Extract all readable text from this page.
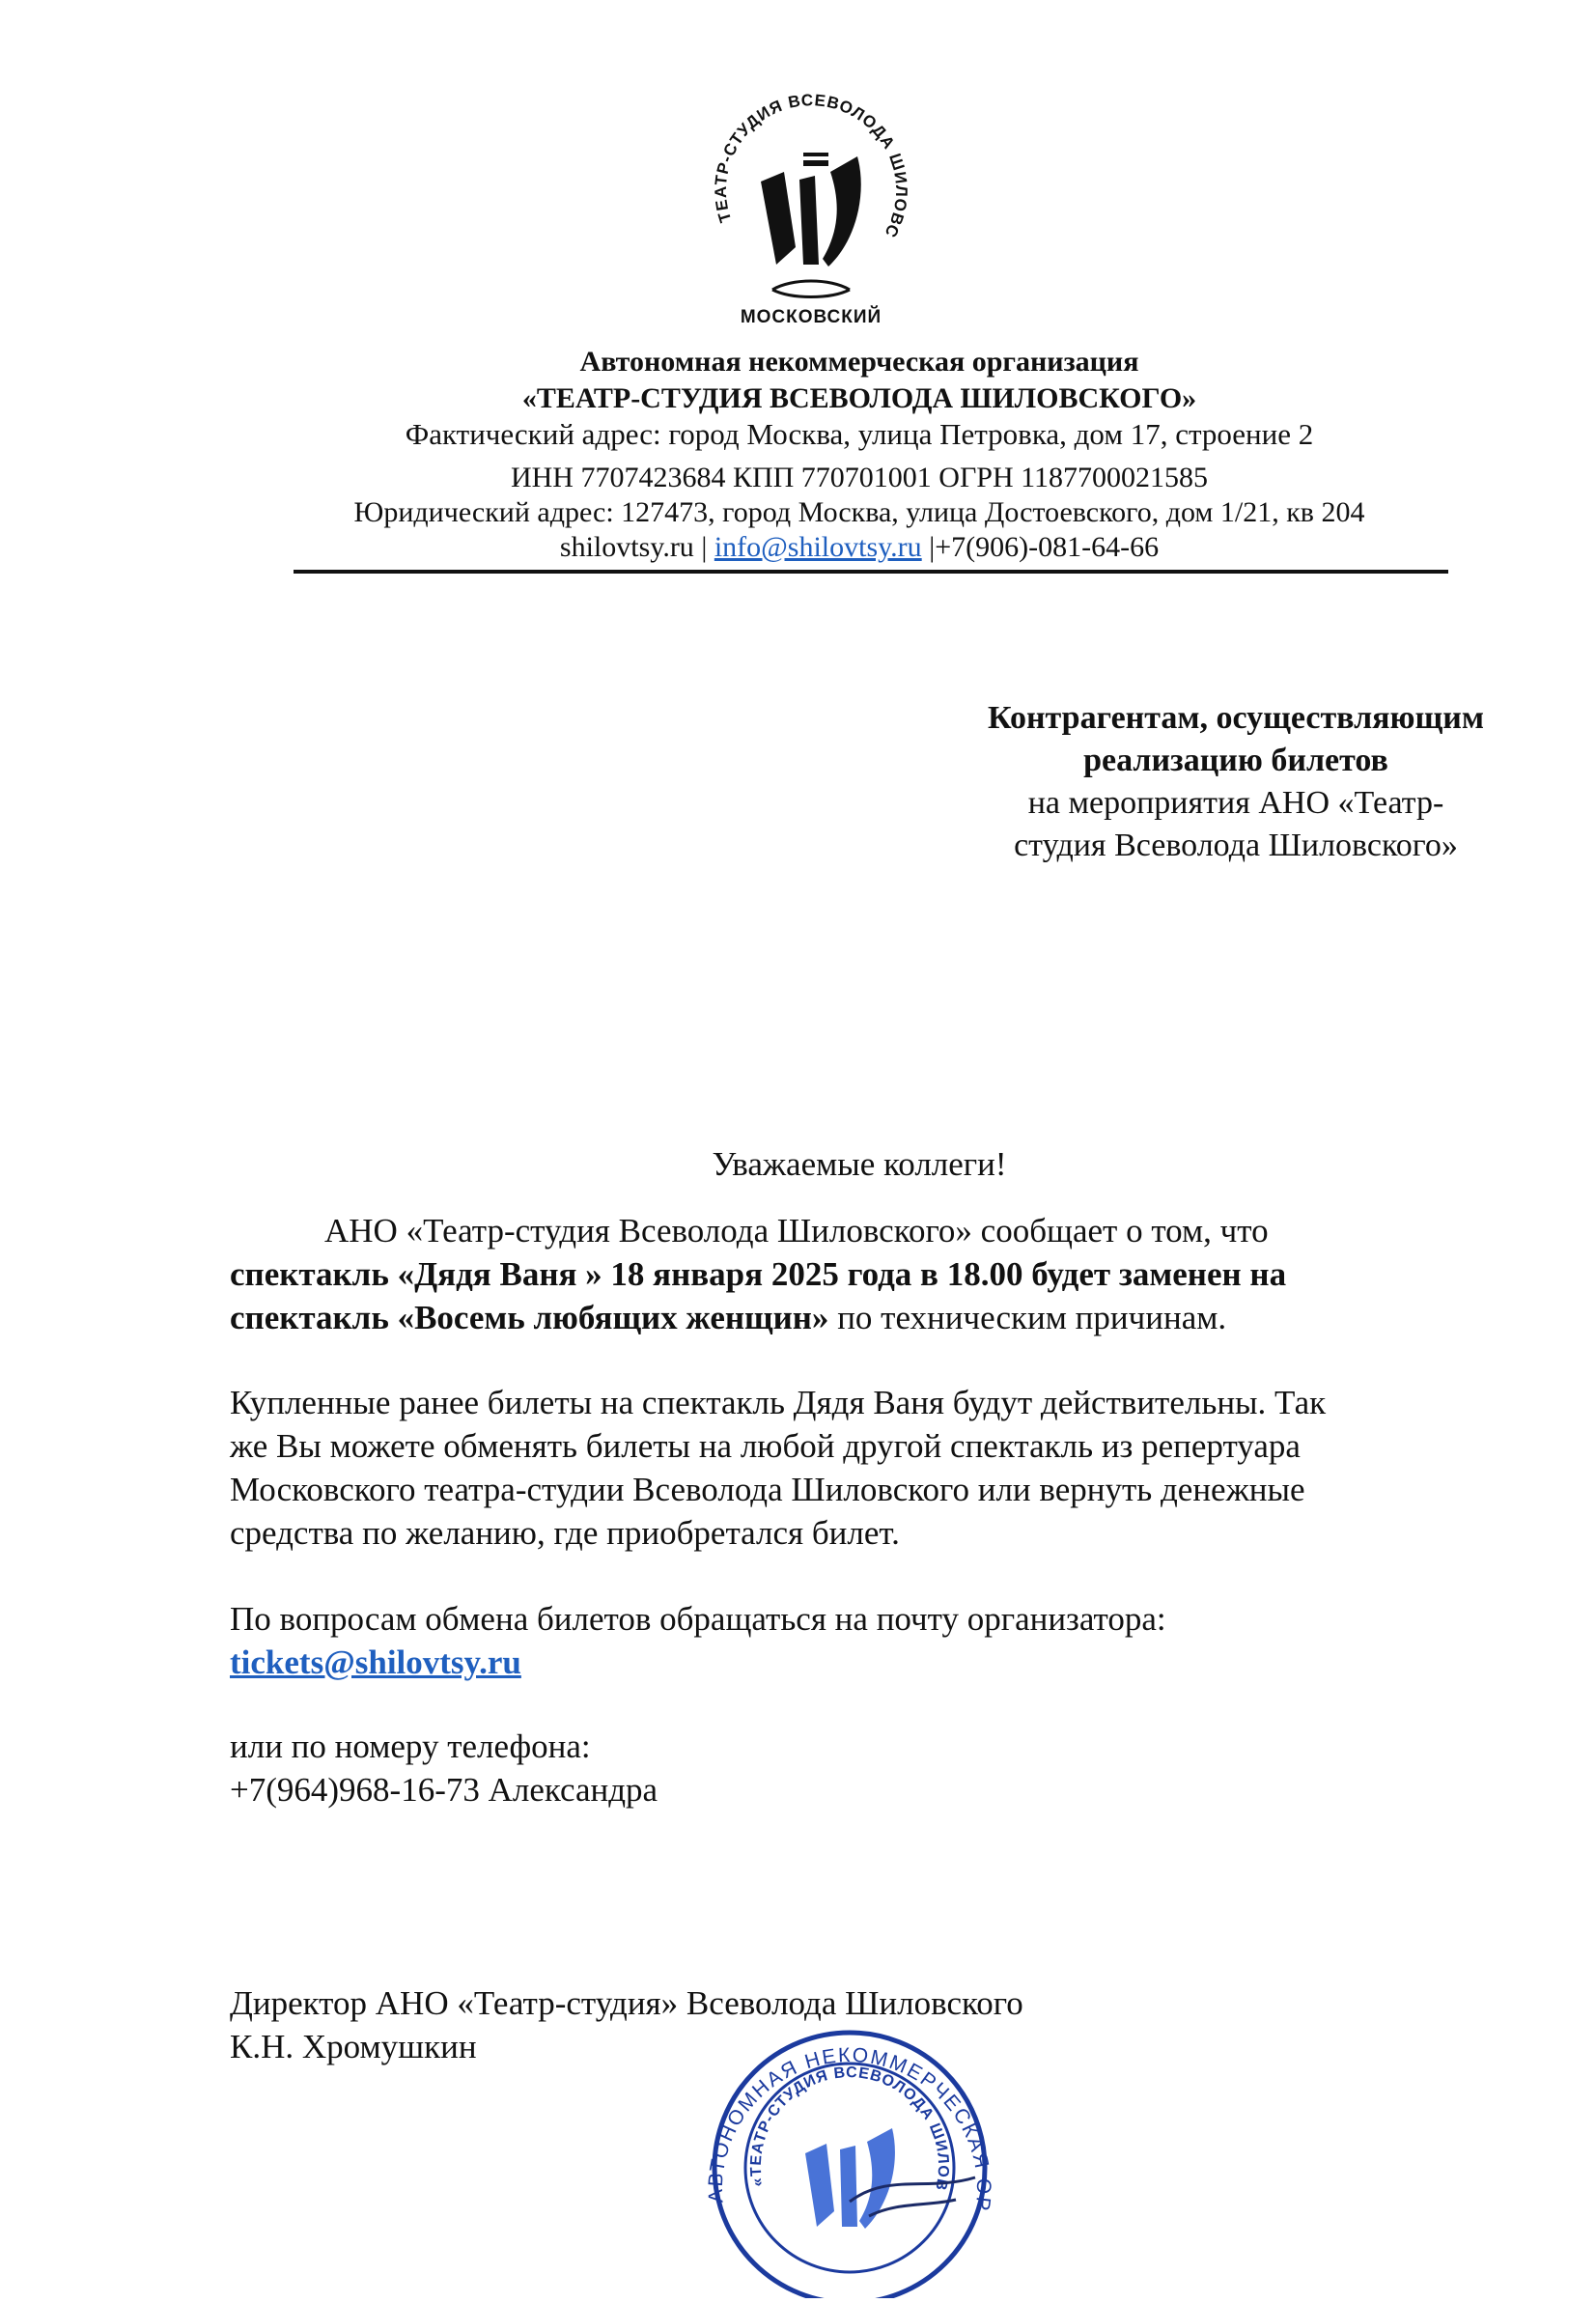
ТЕАТР-СТУДИЯ ВСЕВОЛОДА ШИЛОВС
МОСКОВСКИЙ
Автономная некоммерческая организация
«ТЕАТР-СТУДИЯ ВСЕВОЛОДА ШИЛОВСКОГО»
Фактический адрес: город Москва, улица Петровка, дом 17, строение 2
ИНН 7707423684 КПП 770701001 ОГРН 1187700021585
Юридический адрес: 127473, город Москва, улица Достоевского, дом 1/21, кв 204
shilovtsy.ru | info@shilovtsy.ru |+7(906)-081-64-66
Контрагентам, осуществляющим
реализацию билетов
на мероприятия АНО «Театр-
студия Всеволода Шиловского»
Уважаемые коллеги!
АНО «Театр-студия Всеволода Шиловского» сообщает о том, что
спектакль «Дядя Ваня » 18 января 2025 года в 18.00 будет заменен на
спектакль «Восемь любящих женщин» по техническим причинам.
Купленные ранее билеты на спектакль Дядя Ваня будут действительны. Так
же Вы можете обменять билеты на любой другой спектакль из репертуара
Московского театра-студии Всеволода Шиловского или вернуть денежные
средства по желанию, где приобретался билет.
По вопросам обмена билетов обращаться на почту организатора:
tickets@shilovtsy.ru
или по номеру телефона:
+7(964)968-16-73 Александра
Директор АНО «Театр-студия» Всеволода Шиловского
К.Н. Хромушкин
АВТОНОМНАЯ НЕКОММЕРЧЕСКАЯ ОР
«ТЕАТР-СТУДИЯ ВСЕВОЛОДА ШИЛОВ
